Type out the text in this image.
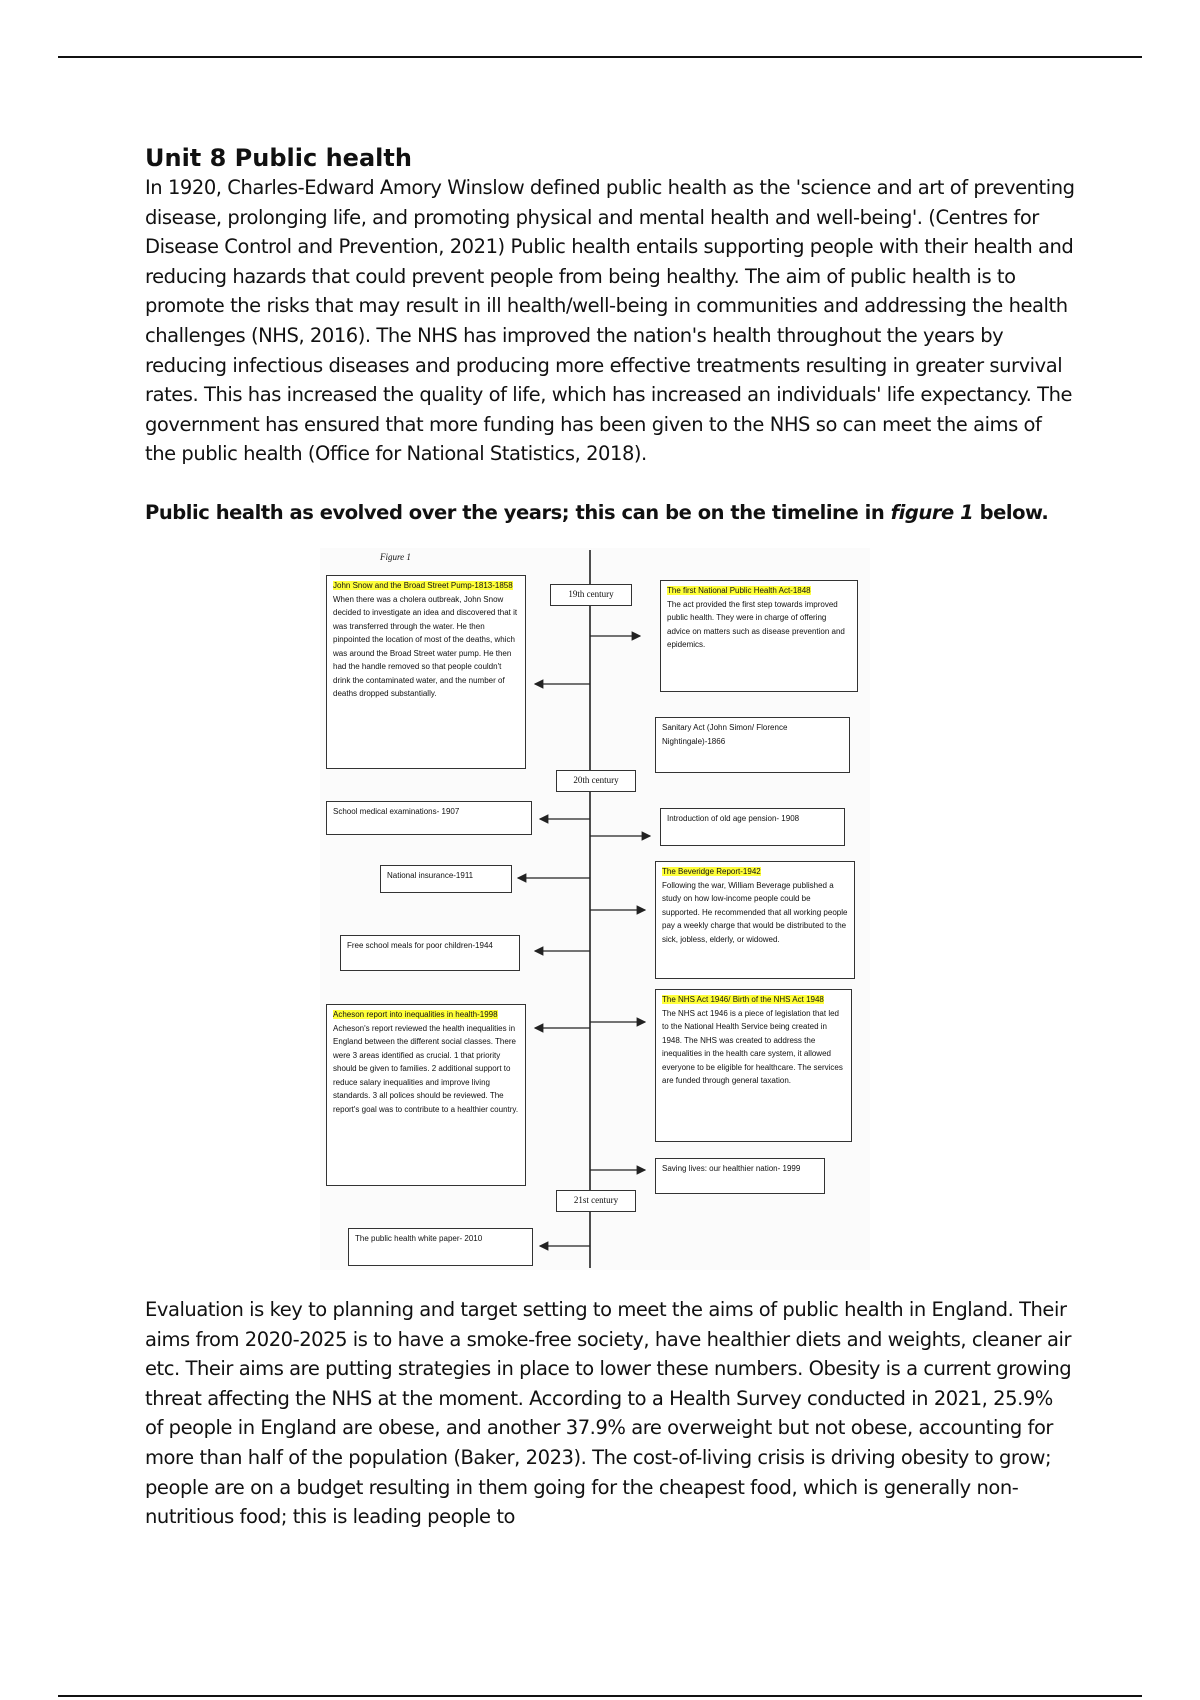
Unit 8 Public health

In 1920, Charles-Edward Amory Winslow defined public health as the 'science and art of preventing disease, prolonging life, and promoting physical and mental health and well-being'. (Centres for Disease Control and Prevention, 2021) Public health entails supporting people with their health and reducing hazards that could prevent people from being healthy. The aim of public health is to promote the risks that may result in ill health/well-being in communities and addressing the health challenges (NHS, 2016). The NHS has improved the nation's health throughout the years by reducing infectious diseases and producing more effective treatments resulting in greater survival rates. This has increased the quality of life, which has increased an individuals' life expectancy. The government has ensured that more funding has been given to the NHS so can meet the aims of the public health (Office for National Statistics, 2018).

Public health as evolved over the years; this can be on the timeline in figure 1 below.

Figure 1
19th century
20th century
21st century
John Snow and the Broad Street Pump-1813-1858
When there was a cholera outbreak, John Snow decided to investigate an idea and discovered that it was transferred through the water. He then pinpointed the location of most of the deaths, which was around the Broad Street water pump. He then had the handle removed so that people couldn't drink the contaminated water, and the number of deaths dropped substantially.
The first National Public Health Act-1848
The act provided the first step towards improved public health. They were in charge of offering advice on matters such as disease prevention and epidemics.
Sanitary Act (John Simon/ Florence Nightingale)-1866
School medical examinations- 1907
Introduction of old age pension- 1908
National insurance-1911	The Beveridge Report-1942
Following the war, William Beverage published a study on how low-income people could be supported. He recommended that all working people pay a weekly charge that would be distributed to the sick, jobless, elderly, or widowed.
Free school meals for poor children-1944
The NHS Act 1946/ Birth of the NHS Act 1948
The NHS act 1946 is a piece of legislation that led to the National Health Service being created in 1948. The NHS was created to address the inequalities in the health care system, it allowed everyone to be eligible for healthcare. The services are funded through general taxation.
Acheson report into inequalities in health-1998
Acheson's report reviewed the health inequalities in England between the different social classes. There were 3 areas identified as crucial. 1 that priority should be given to families. 2 additional support to reduce salary inequalities and improve living standards. 3 all polices should be reviewed. The report's goal was to contribute to a healthier country.
Saving lives: our healthier nation- 1999
The public health white paper- 2010

Evaluation is key to planning and target setting to meet the aims of public health in England. Their aims from 2020-2025 is to have a smoke-free society, have healthier diets and weights, cleaner air etc. Their aims are putting strategies in place to lower these numbers. Obesity is a current growing threat affecting the NHS at the moment. According to a Health Survey conducted in 2021, 25.9% of people in England are obese, and another 37.9% are overweight but not obese, accounting for more than half of the population (Baker, 2023). The cost-of-living crisis is driving obesity to grow; people are on a budget resulting in them going for the cheapest food, which is generally non-nutritious food; this is leading people to
